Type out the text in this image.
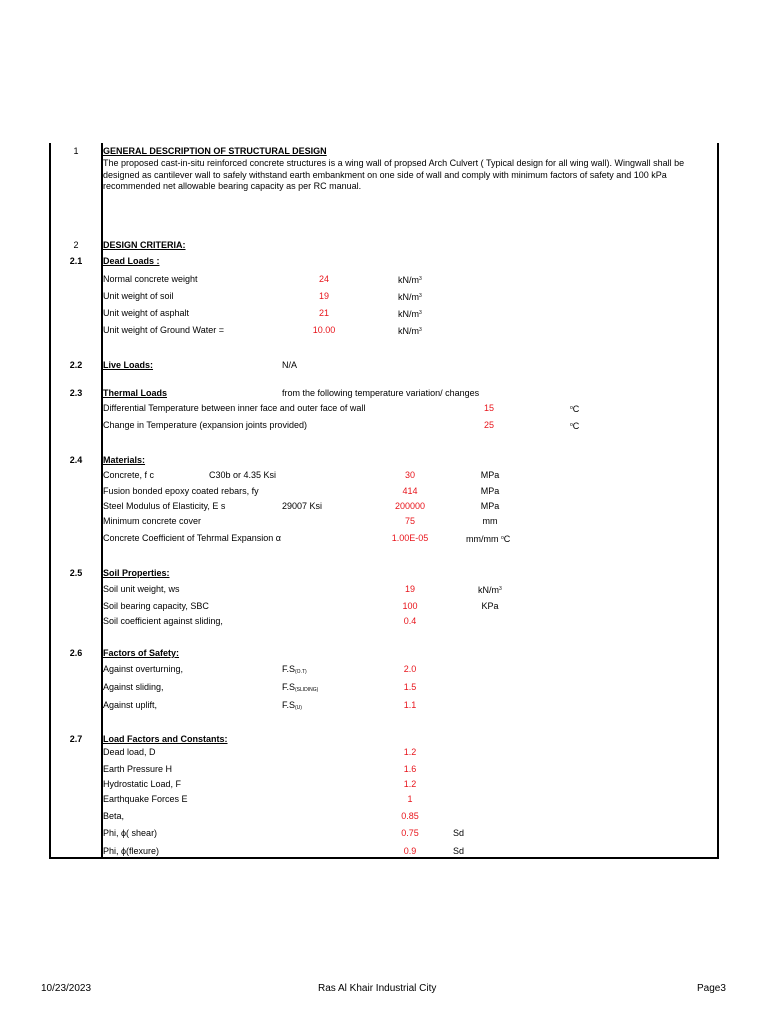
1	GENERAL DESCRIPTION OF STRUCTURAL DESIGN
The proposed cast-in-situ reinforced concrete structures is a wing wall of propsed Arch Culvert ( Typical design for all wing wall). Wingwall shall be designed as cantilever wall to safely withstand earth embankment on one side of wall and comply with minimum factors of safety and 100 kPa recommended net allowable bearing capacity as per RC manual.
2	DESIGN CRITERIA:
2.1	Dead Loads :
Normal concrete weight	24	$kN/m^3$
Unit weight of soil	19	$kN/m^3$
Unit weight of asphalt	21	$kN/m^3$
Unit weight of Ground Water =	10.00	$kN/m^3$
2.2	Live Loads:	N/A
2.3	Thermal Loads	from the following temperature variation/ changes
Differential Temperature between inner face and outer face of wall	15	$^o$C
Change in Temperature (expansion joints provided)	25	$^o$C
2.4	Materials:
Concrete, f c	C30b or 4.35 Ksi	30	MPa
Fusion bonded epoxy coated rebars, fy	414	MPa
Steel Modulus of Elasticity, E s	29007 Ksi	200000	MPa
Minimum concrete cover	75	mm
Concrete Coefficient of Tehrmal Expansion α	1.00E-05	mm/mm $^o$C
2.5	Soil Properties:
Soil unit weight, ws	19	$kN/m^3$
Soil bearing capacity, SBC	100	KPa
Soil coefficient against sliding,	0.4
2.6	Factors of Safety:
Against overturning,	$F.S_{(O.T)}$	2.0
Against sliding,	$F.S_{(SLIDING)}$	1.5
Against uplift,	$F.S_{(U)}$	1.1
2.7	Load Factors and Constants:
Dead load, D	1.2
Earth Pressure H	1.6
Hydrostatic Load, F	1.2
Earthquake Forces E	1
Beta,	0.85
Phi, ϕ( shear)	0.75	Sd
Phi, ϕ(flexure)	0.9	Sd
10/23/2023	Ras Al Khair Industrial City	Page3
